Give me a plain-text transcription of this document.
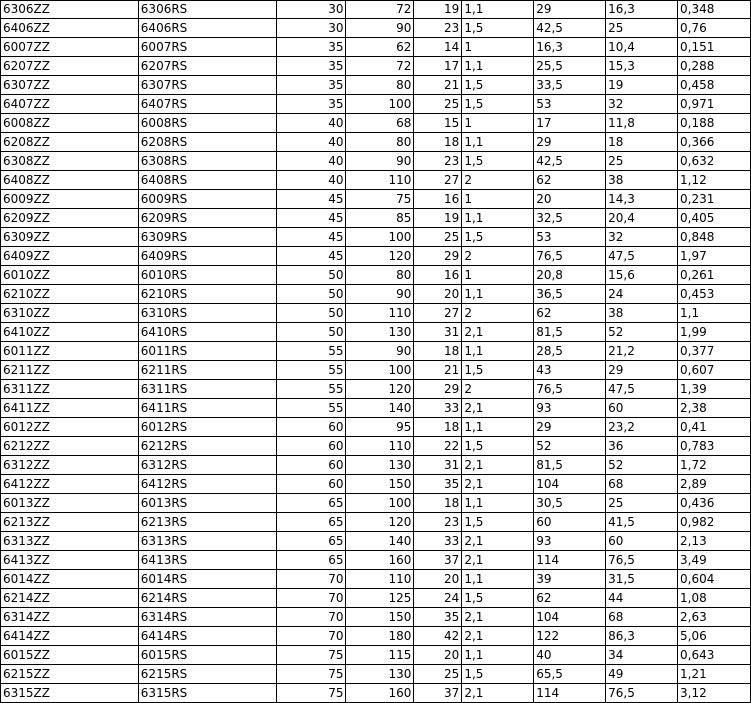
6306ZZ	6306RS	30	72	19	1,1	29	16,3	0,348
6406ZZ	6406RS	30	90	23	1,5	42,5	25	0,76
6007ZZ	6007RS	35	62	14	1	16,3	10,4	0,151
6207ZZ	6207RS	35	72	17	1,1	25,5	15,3	0,288
6307ZZ	6307RS	35	80	21	1,5	33,5	19	0,458
6407ZZ	6407RS	35	100	25	1,5	53	32	0,971
6008ZZ	6008RS	40	68	15	1	17	11,8	0,188
6208ZZ	6208RS	40	80	18	1,1	29	18	0,366
6308ZZ	6308RS	40	90	23	1,5	42,5	25	0,632
6408ZZ	6408RS	40	110	27	2	62	38	1,12
6009ZZ	6009RS	45	75	16	1	20	14,3	0,231
6209ZZ	6209RS	45	85	19	1,1	32,5	20,4	0,405
6309ZZ	6309RS	45	100	25	1,5	53	32	0,848
6409ZZ	6409RS	45	120	29	2	76,5	47,5	1,97
6010ZZ	6010RS	50	80	16	1	20,8	15,6	0,261
6210ZZ	6210RS	50	90	20	1,1	36,5	24	0,453
6310ZZ	6310RS	50	110	27	2	62	38	1,1
6410ZZ	6410RS	50	130	31	2,1	81,5	52	1,99
6011ZZ	6011RS	55	90	18	1,1	28,5	21,2	0,377
6211ZZ	6211RS	55	100	21	1,5	43	29	0,607
6311ZZ	6311RS	55	120	29	2	76,5	47,5	1,39
6411ZZ	6411RS	55	140	33	2,1	93	60	2,38
6012ZZ	6012RS	60	95	18	1,1	29	23,2	0,41
6212ZZ	6212RS	60	110	22	1,5	52	36	0,783
6312ZZ	6312RS	60	130	31	2,1	81,5	52	1,72
6412ZZ	6412RS	60	150	35	2,1	104	68	2,89
6013ZZ	6013RS	65	100	18	1,1	30,5	25	0,436
6213ZZ	6213RS	65	120	23	1,5	60	41,5	0,982
6313ZZ	6313RS	65	140	33	2,1	93	60	2,13
6413ZZ	6413RS	65	160	37	2,1	114	76,5	3,49
6014ZZ	6014RS	70	110	20	1,1	39	31,5	0,604
6214ZZ	6214RS	70	125	24	1,5	62	44	1,08
6314ZZ	6314RS	70	150	35	2,1	104	68	2,63
6414ZZ	6414RS	70	180	42	2,1	122	86,3	5,06
6015ZZ	6015RS	75	115	20	1,1	40	34	0,643
6215ZZ	6215RS	75	130	25	1,5	65,5	49	1,21
6315ZZ	6315RS	75	160	37	2,1	114	76,5	3,12
